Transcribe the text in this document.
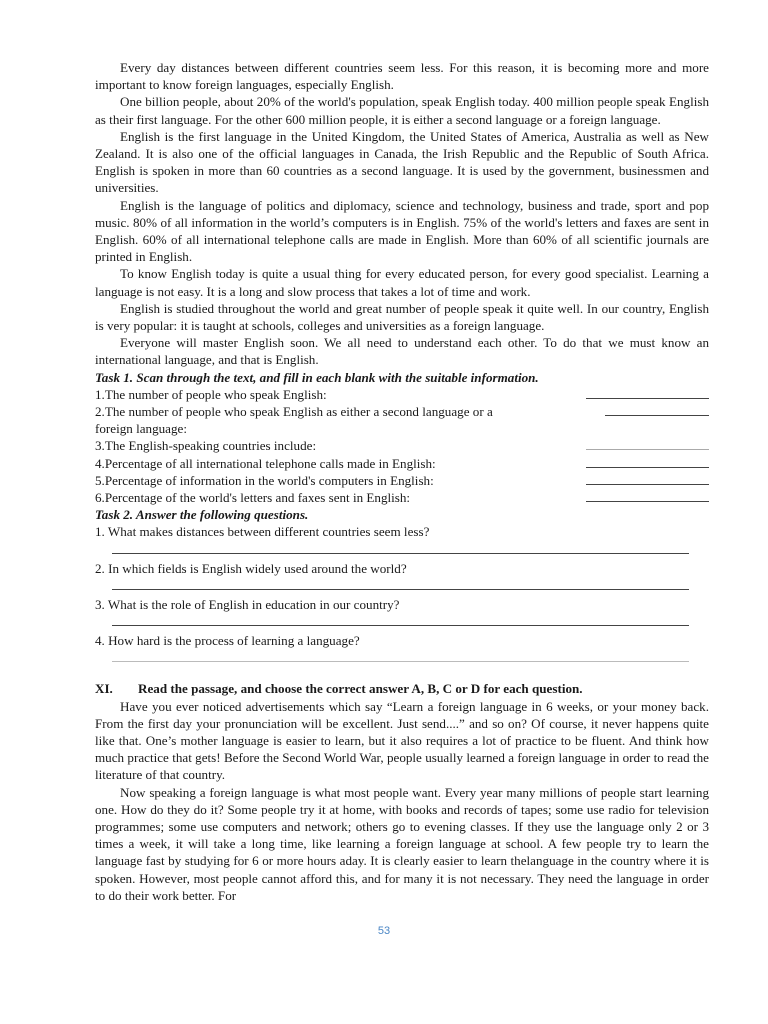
Every day distances between different countries seem less. For this reason, it is becoming more and more important to know foreign languages, especially English.

One billion people, about 20% of the world's population, speak English today. 400 million people speak English as their first language. For the other 600 million people, it is either a second language or a foreign language.

English is the first language in the United Kingdom, the United States of America, Australia as well as New Zealand. It is also one of the official languages in Canada, the Irish Republic and the Republic of South Africa. English is spoken in more than 60 countries as a second language. It is used by the government, businessmen and universities.

English is the language of politics and diplomacy, science and technology, business and trade, sport and pop music. 80% of all information in the world’s computers is in English. 75% of the world's letters and faxes are sent in English. 60% of all international telephone calls are made in English. More than 60% of all scientific journals are printed in English.

To know English today is quite a usual thing for every educated person, for every good specialist. Learning a language is not easy. It is a long and slow process that takes a lot of time and work.

English is studied throughout the world and great number of people speak it quite well. In our country, English is very popular: it is taught at schools, colleges and universities as a foreign language.

Everyone will master English soon. We all need to understand each other. To do that we must know an international language, and that is English.

Task 1. Scan through the text, and fill in each blank with the suitable information.
1.The number of people who speak English:
2.The number of people who speak English as either a second language or a
foreign language:
3.The English-speaking countries include:
4.Percentage of all international telephone calls made in English:
5.Percentage of information in the world's computers in English:
6.Percentage of the world's letters and faxes sent in English:
Task 2. Answer the following questions.
1. What makes distances between different countries seem less?
2. In which fields is English widely used around the world?
3. What is the role of English in education in our country?
4. How hard is the process of learning a language?
XI.	Read the passage, and choose the correct answer A, B, C or D for each question.

Have you ever noticed advertisements which say “Learn a foreign language in 6 weeks, or your money back. From the first day your pronunciation will be excellent. Just send....” and so on? Of course, it never happens quite like that. One’s mother language is easier to learn, but it also requires a lot of practice to be fluent. And think how much practice that gets! Before the Second World War, people usually learned a foreign language in order to read the literature of that country.

Now speaking a foreign language is what most people want. Every year many millions of people start learning one. How do they do it? Some people try it at home, with books and records of tapes; some use radio for television programmes; some use computers and network; others go to evening classes. If they use the language only 2 or 3 times a week, it will take a long time, like learning a foreign language at school. A few people try to learn the language fast by studying for 6 or more hours aday. It is clearly easier to learn thelanguage in the country where it is spoken. However, most people cannot afford this, and for many it is not necessary. They need the language in order to do their work better. For

53
